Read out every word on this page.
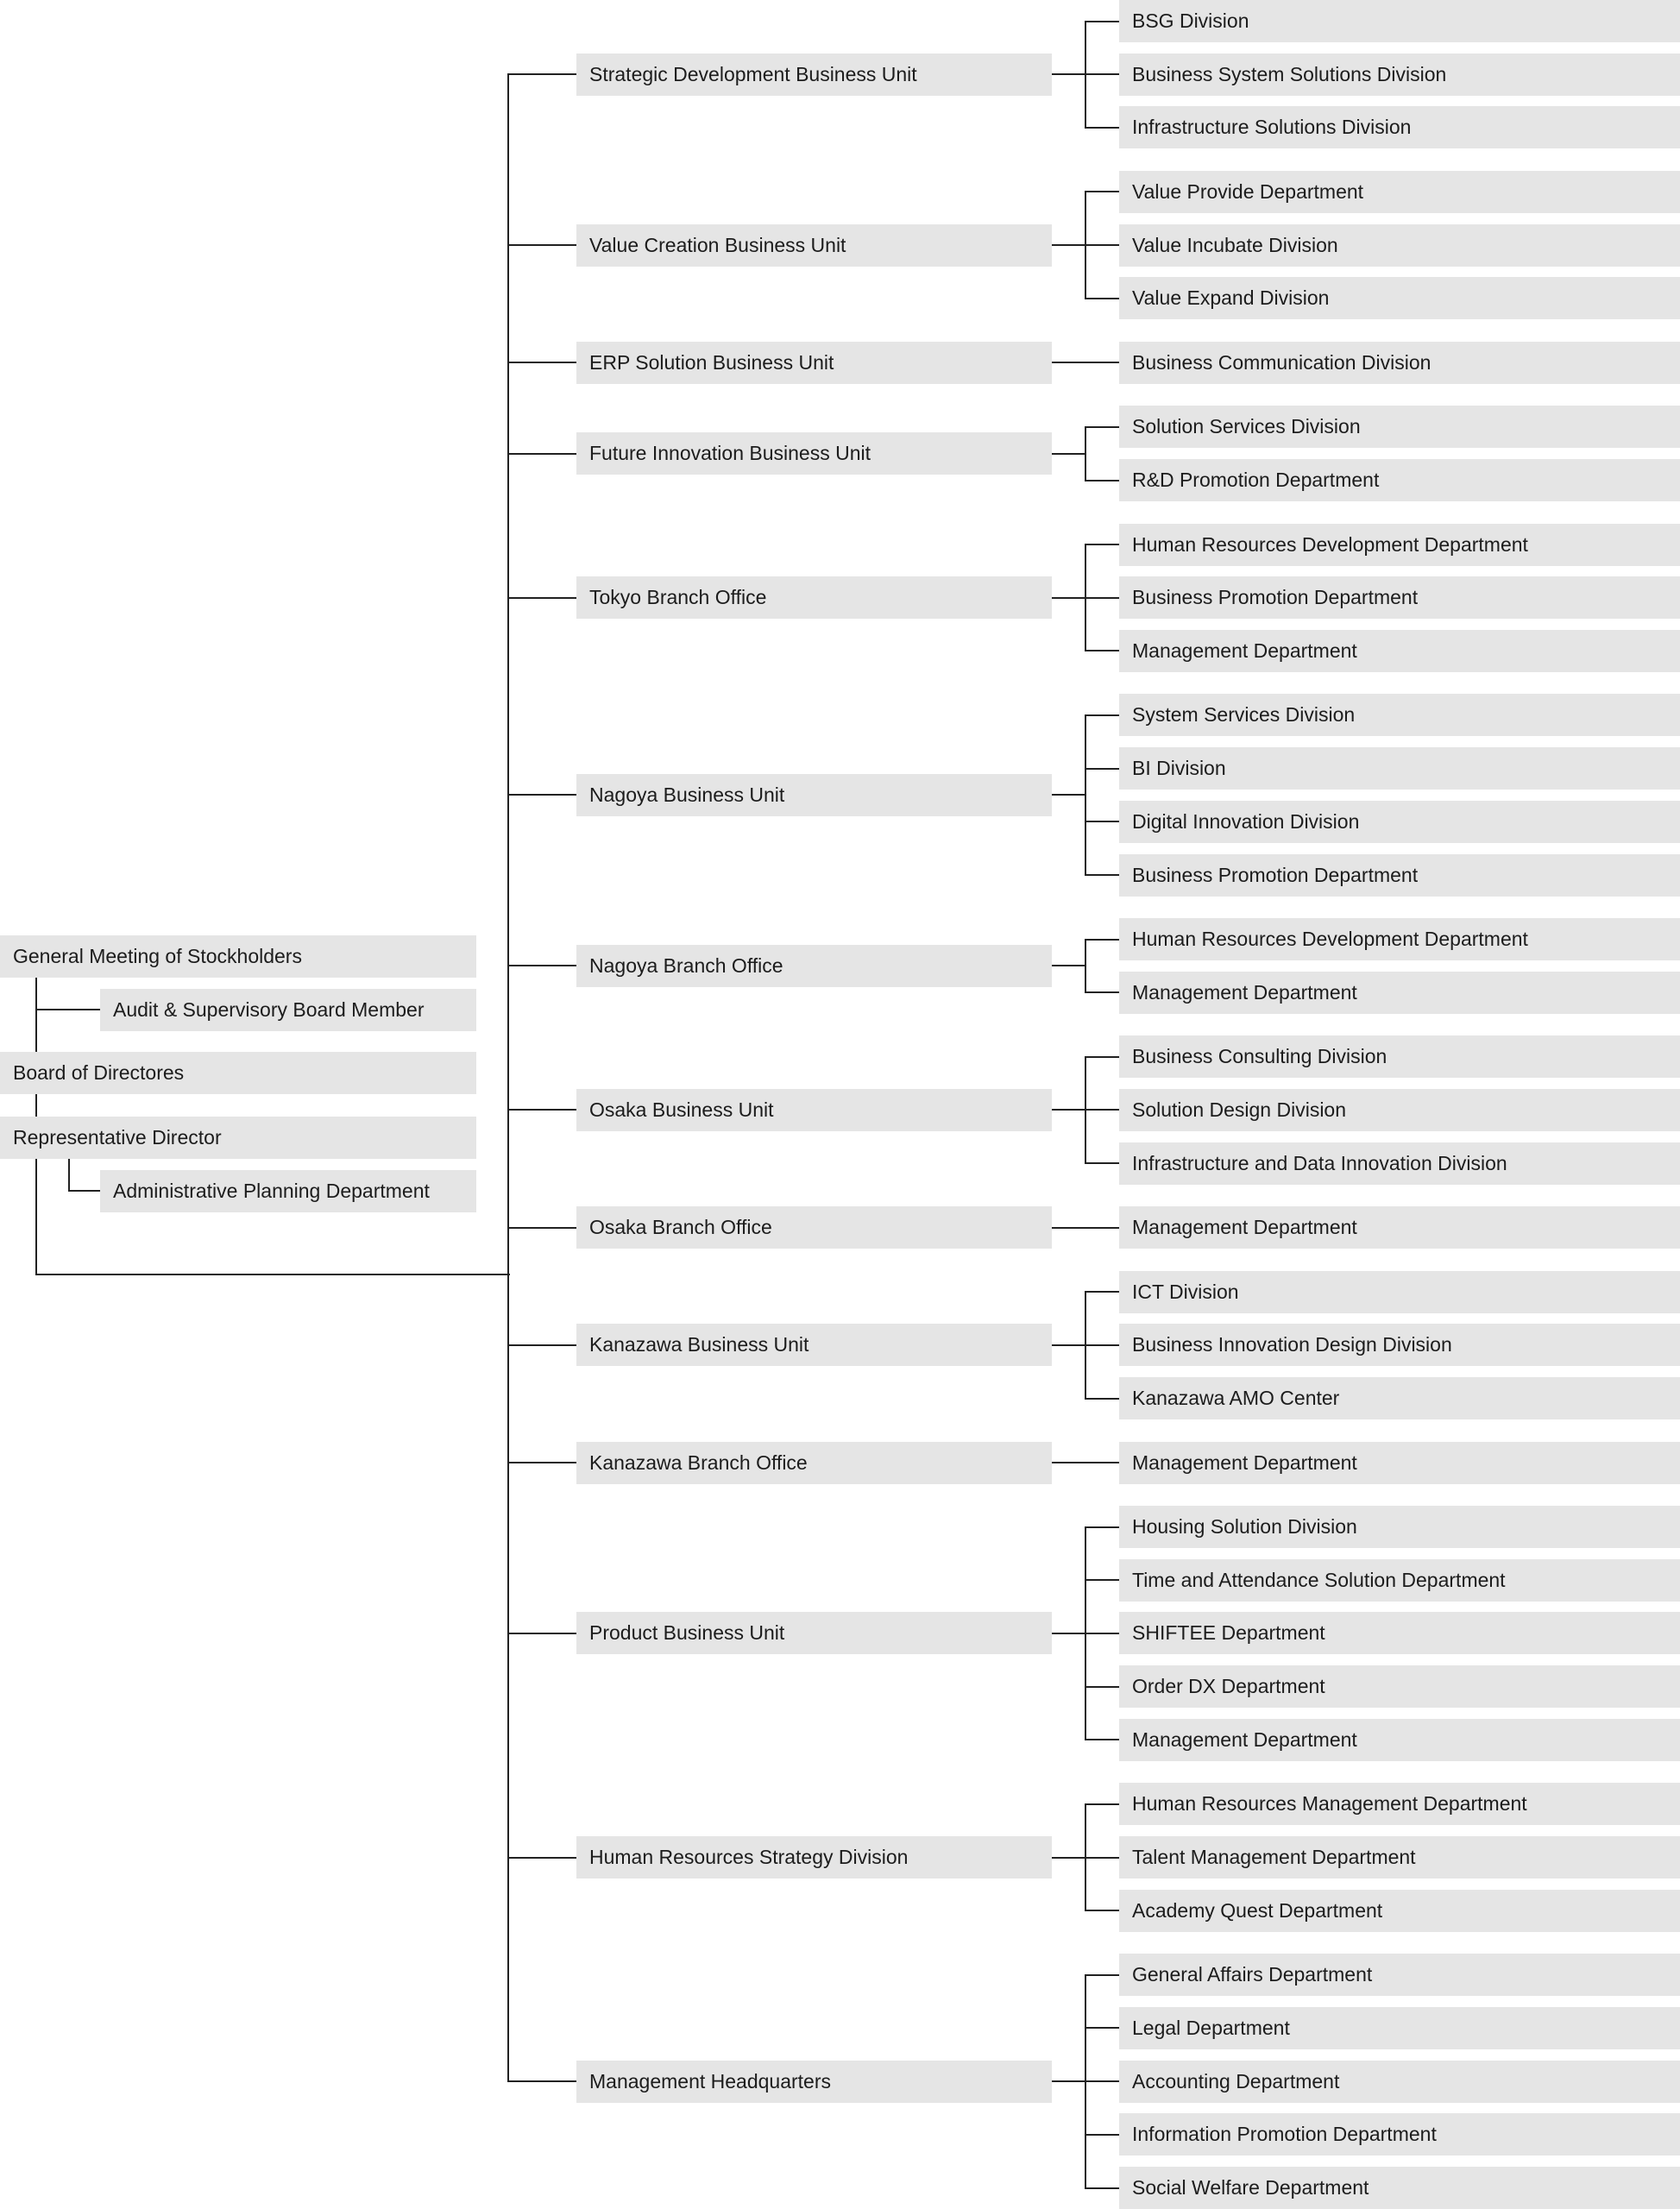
General Meeting of Stockholders
Audit & Supervisory Board Member
Board of Directores
Representative Director
Administrative Planning Department
Strategic Development Business Unit
BSG Division
Business System Solutions Division
Infrastructure Solutions Division
Value Creation Business Unit
Value Provide Department
Value Incubate Division
Value Expand Division
ERP Solution Business Unit	Business Communication Division
Future Innovation Business Unit
Solution Services Division
R&D Promotion Department
Tokyo Branch Office
Human Resources Development Department
Business Promotion Department
Management Department
Nagoya Business Unit
System Services Division
BI Division
Digital Innovation Division
Business Promotion Department
Nagoya Branch Office
Human Resources Development Department
Management Department
Osaka Business Unit
Business Consulting Division
Solution Design Division
Infrastructure and Data Innovation Division
Osaka Branch Office	Management Department
Kanazawa Business Unit
ICT Division
Business Innovation Design Division
Kanazawa AMO Center
Kanazawa Branch Office	Management Department
Product Business Unit
Housing Solution Division
Time and Attendance Solution Department
SHIFTEE Department
Order DX Department
Management Department
Human Resources Strategy Division
Human Resources Management Department
Talent Management Department
Academy Quest Department
Management Headquarters
General Affairs Department
Legal Department
Accounting Department
Information Promotion Department
Social Welfare Department
